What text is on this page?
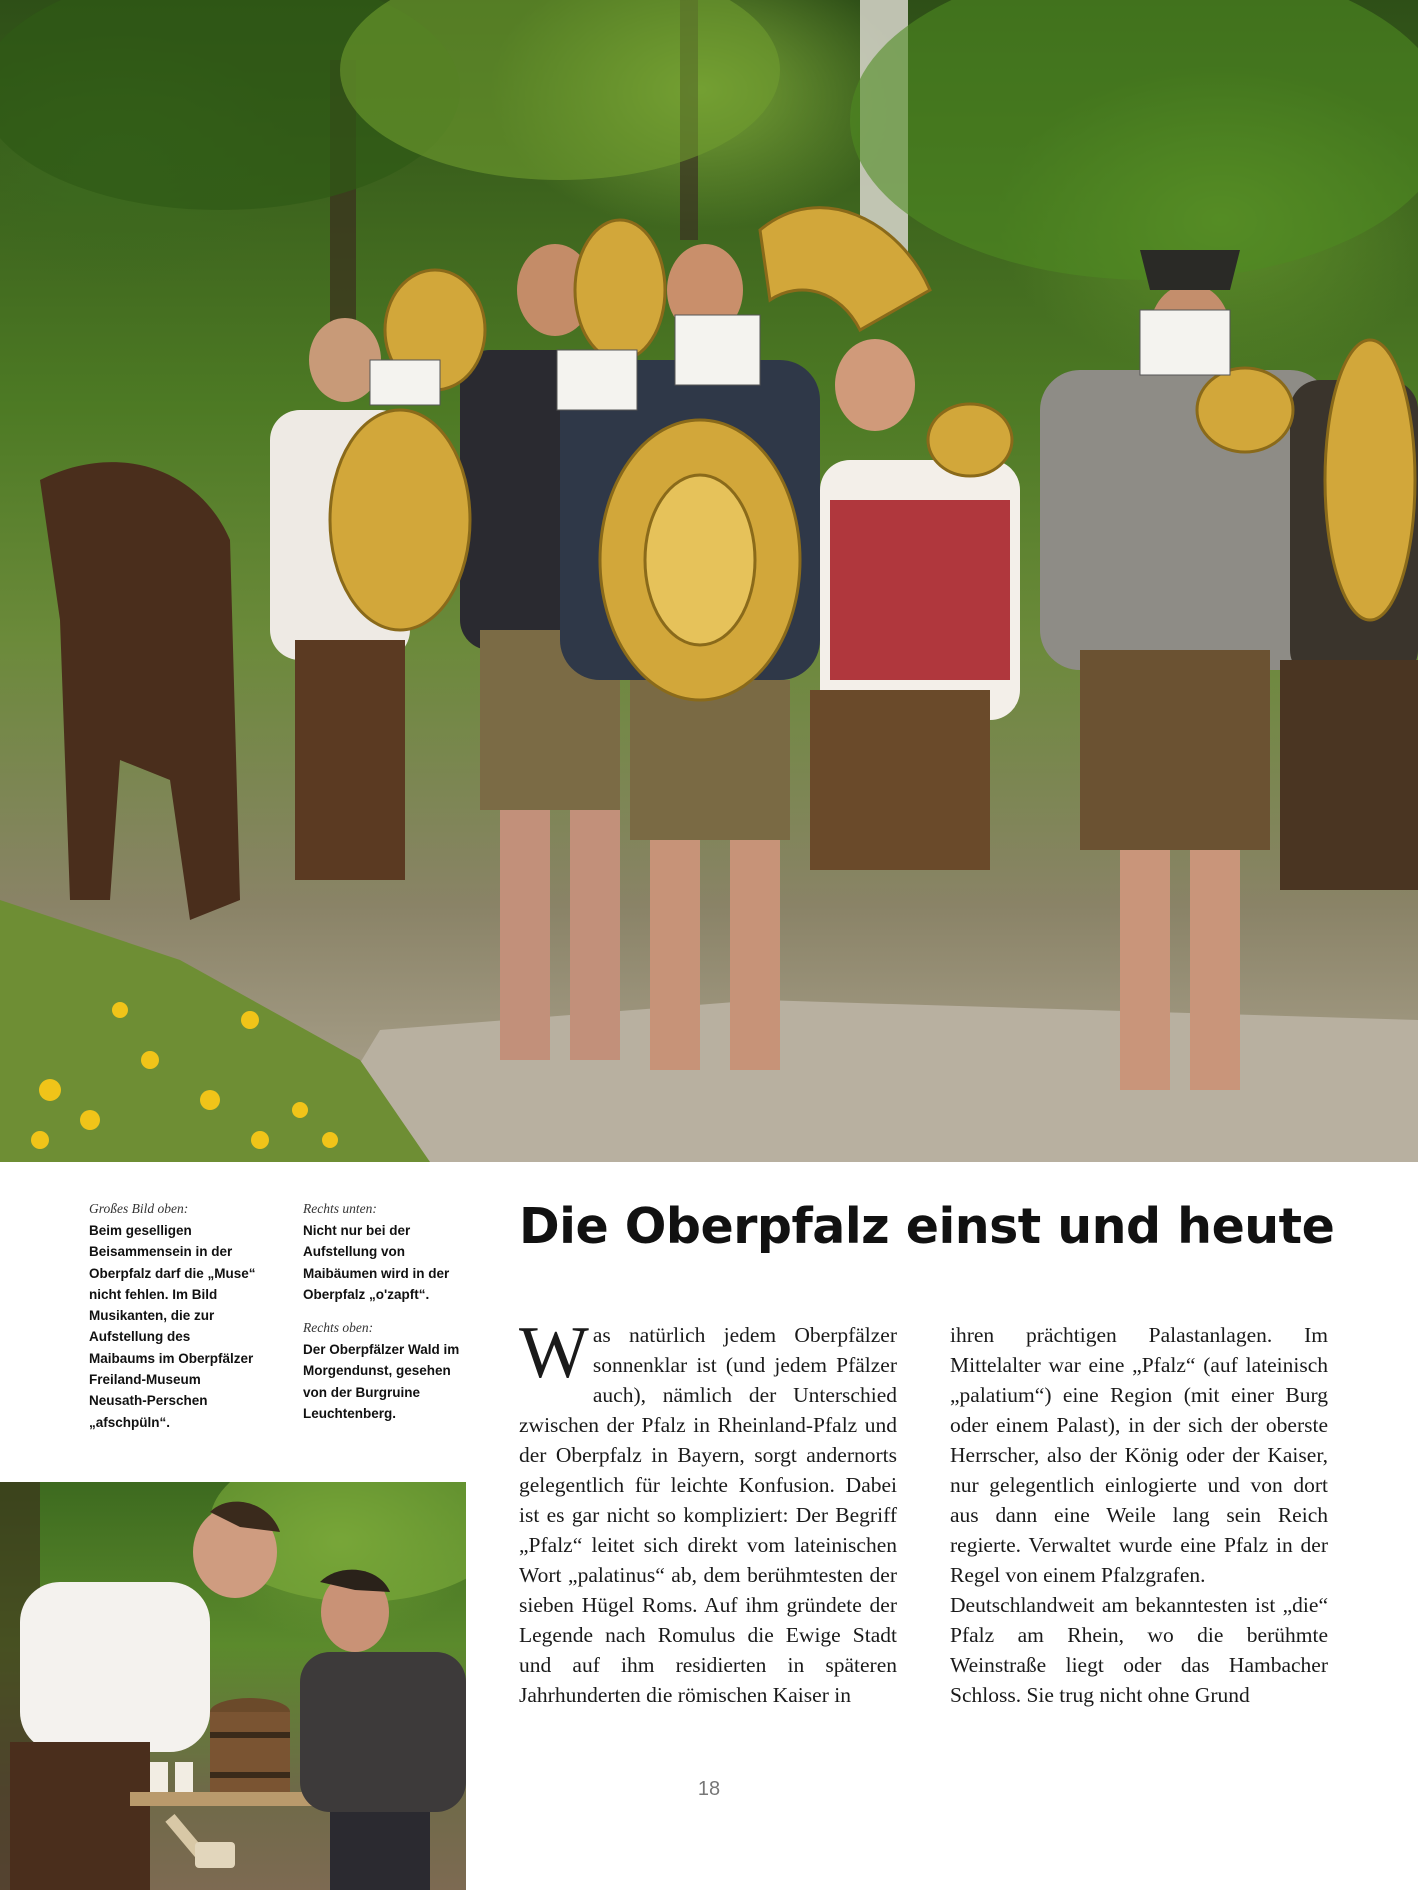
Großes Bild oben:

Beim geselligen
Beisammensein in der
Oberpfalz darf die „Muse“
nicht fehlen. Im Bild
Musikanten, die zur
Aufstellung des
Maibaums im Oberpfälzer
Freiland-Museum
Neusath-Perschen
„afschpüln“.

Rechts unten:

Nicht nur bei der
Aufstellung von
Maibäumen wird in der
Oberpfalz „o'zapft“.

Rechts oben:

Der Oberpfälzer Wald im
Morgendunst, gesehen
von der Burgruine
Leuchtenberg.

Die Oberpfalz einst und heute

Was natürlich jedem Oberpfälzer sonnenklar ist (und jedem Pfälzer auch), nämlich der Unterschied zwischen der Pfalz in Rheinland-Pfalz und der Oberpfalz in Bayern, sorgt andernorts gelegentlich für leichte Konfusion. Dabei ist es gar nicht so kompliziert: Der Begriff „Pfalz“ leitet sich direkt vom lateinischen Wort „palatinus“ ab, dem berühmtesten der sieben Hügel Roms. Auf ihm gründete der Legende nach Romulus die Ewige Stadt und auf ihm residierten in späteren Jahrhunderten die römischen Kaiser in

ihren prächtigen Palastanlagen. Im Mittelalter war eine „Pfalz“ (auf lateinisch „palatium“) eine Region (mit einer Burg oder einem Palast), in der sich der oberste Herrscher, also der König oder der Kaiser, nur gelegentlich einlogierte und von dort aus dann eine Weile lang sein Reich regierte. Verwaltet wurde eine Pfalz in der Regel von einem Pfalzgrafen.

Deutschlandweit am bekanntesten ist „die“ Pfalz am Rhein, wo die berühmte Weinstraße liegt oder das Hambacher Schloss. Sie trug nicht ohne Grund

18
